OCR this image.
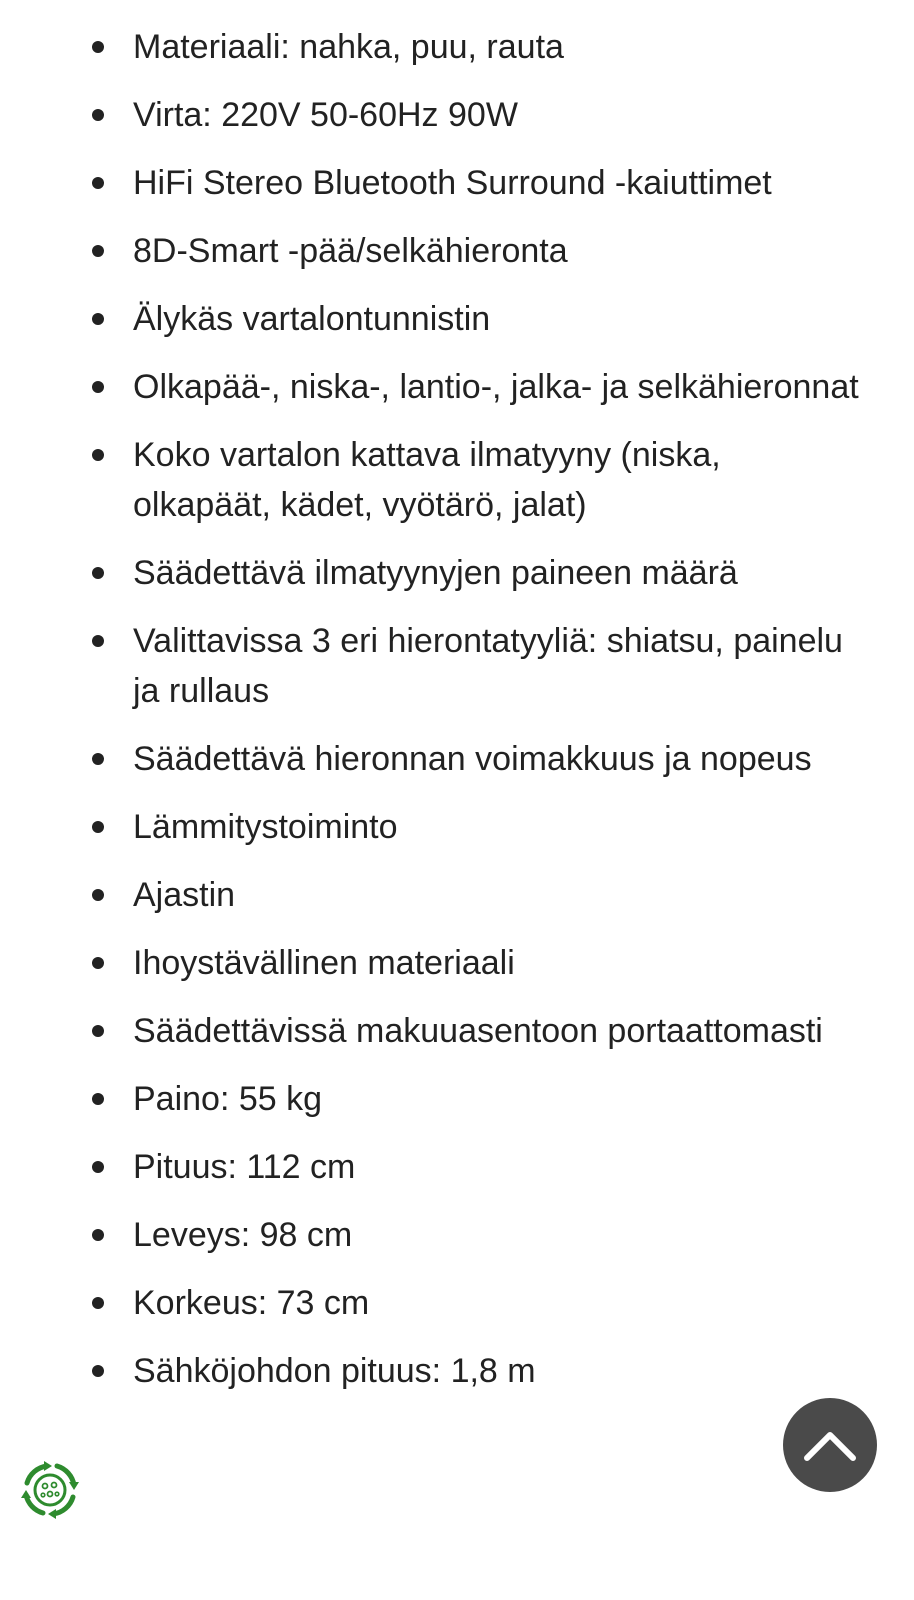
Materiaali: nahka, puu, rauta
Virta: 220V 50-60Hz 90W
HiFi Stereo Bluetooth Surround -kaiuttimet
8D-Smart -pää/selkähieronta
Älykäs vartalontunnistin
Olkapää-, niska-, lantio-, jalka- ja selkähieronnat
Koko vartalon kattava ilmatyyny (niska, olkapäät, kädet, vyötärö, jalat)
Säädettävä ilmatyynyjen paineen määrä
Valittavissa 3 eri hierontatyyliä: shiatsu, painelu ja rullaus
Säädettävä hieronnan voimakkuus ja nopeus
Lämmitystoiminto
Ajastin
Ihoystävällinen materiaali
Säädettävissä makuuasentoon portaattomasti
Paino: 55 kg
Pituus: 112 cm
Leveys: 98 cm
Korkeus: 73 cm
Sähköjohdon pituus: 1,8 m
